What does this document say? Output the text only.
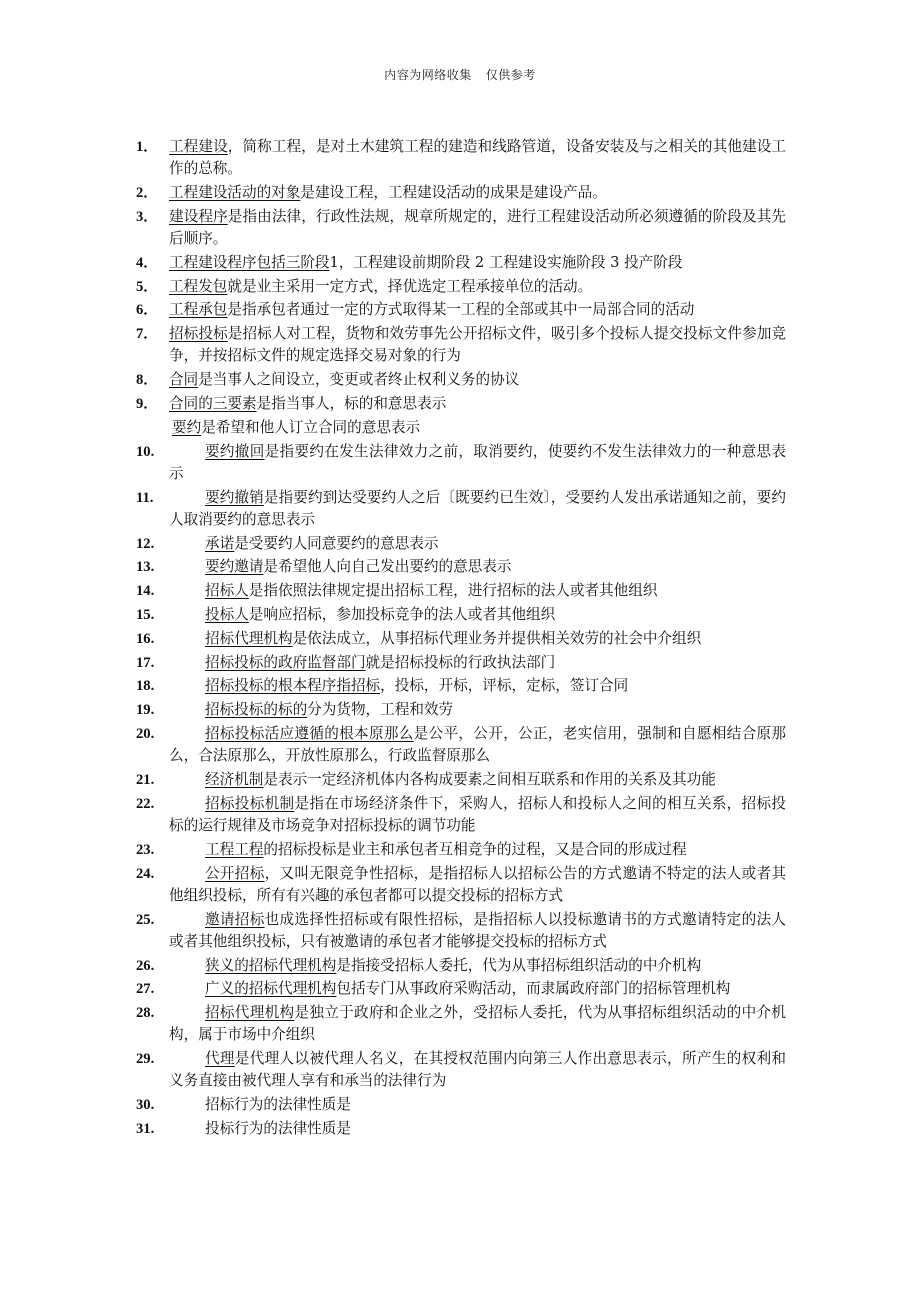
内容为网络收集 仅供参考
1． 工程建设，简称工程，是对土木建筑工程的建造和线路管道，设备安装及与之相关的其他建设工作的总称。
2． 工程建设活动的对象是建设工程，工程建设活动的成果是建设产品。
3． 建设程序是指由法律，行政性法规，规章所规定的，进行工程建设活动所必须遵循的阶段及其先后顺序。
4． 工程建设程序包括三阶段1，工程建设前期阶段 2 工程建设实施阶段 3 投产阶段
5． 工程发包就是业主采用一定方式，择优选定工程承接单位的活动。
6． 工程承包是指承包者通过一定的方式取得某一工程的全部或其中一局部合同的活动
7． 招标投标是招标人对工程，货物和效劳事先公开招标文件，吸引多个投标人提交投标文件参加竞争，并按招标文件的规定选择交易对象的行为
8． 合同是当事人之间设立，变更或者终止权利义务的协议
9． 合同的三要素是指当事人，标的和意思表示
要约是希望和他人订立合同的意思表示
10.	要约撤回是指要约在发生法律效力之前，取消要约，使要约不发生法律效力的一种意思表示
11.	要约撤销是指要约到达受要约人之后〔既要约已生效〕，受要约人发出承诺通知之前，要约人取消要约的意思表示
12.	承诺是受要约人同意要约的意思表示
13.	要约邀请是希望他人向自己发出要约的意思表示
14.	招标人是指依照法律规定提出招标工程，进行招标的法人或者其他组织
15.	投标人是响应招标，参加投标竞争的法人或者其他组织
16.	招标代理机构是依法成立，从事招标代理业务并提供相关效劳的社会中介组织
17.	招标投标的政府监督部门就是招标投标的行政执法部门
18.	招标投标的根本程序指招标，投标，开标，评标，定标，签订合同
19.	招标投标的标的分为货物，工程和效劳
20.	招标投标活应遵循的根本原那么是公平，公开，公正，老实信用，强制和自愿相结合原那么，合法原那么，开放性原那么，行政监督原那么
21.	经济机制是表示一定经济机体内各构成要素之间相互联系和作用的关系及其功能
22.	招标投标机制是指在市场经济条件下，采购人，招标人和投标人之间的相互关系，招标投标的运行规律及市场竞争对招标投标的调节功能
23.	工程工程的招标投标是业主和承包者互相竞争的过程，又是合同的形成过程
24.	公开招标，又叫无限竞争性招标，是指招标人以招标公告的方式邀请不特定的法人或者其他组织投标，所有有兴趣的承包者都可以提交投标的招标方式
25.	邀请招标也成选择性招标或有限性招标，是指招标人以投标邀请书的方式邀请特定的法人或者其他组织投标，只有被邀请的承包者才能够提交投标的招标方式
26.	狭义的招标代理机构是指接受招标人委托，代为从事招标组织活动的中介机构
27.	广义的招标代理机构包括专门从事政府采购活动，而隶属政府部门的招标管理机构
28.	招标代理机构是独立于政府和企业之外，受招标人委托，代为从事招标组织活动的中介机构，属于市场中介组织
29.	代理是代理人以被代理人名义，在其授权范围内向第三人作出意思表示，所产生的权利和义务直接由被代理人享有和承当的法律行为
30.	招标行为的法律性质是
31.	投标行为的法律性质是
